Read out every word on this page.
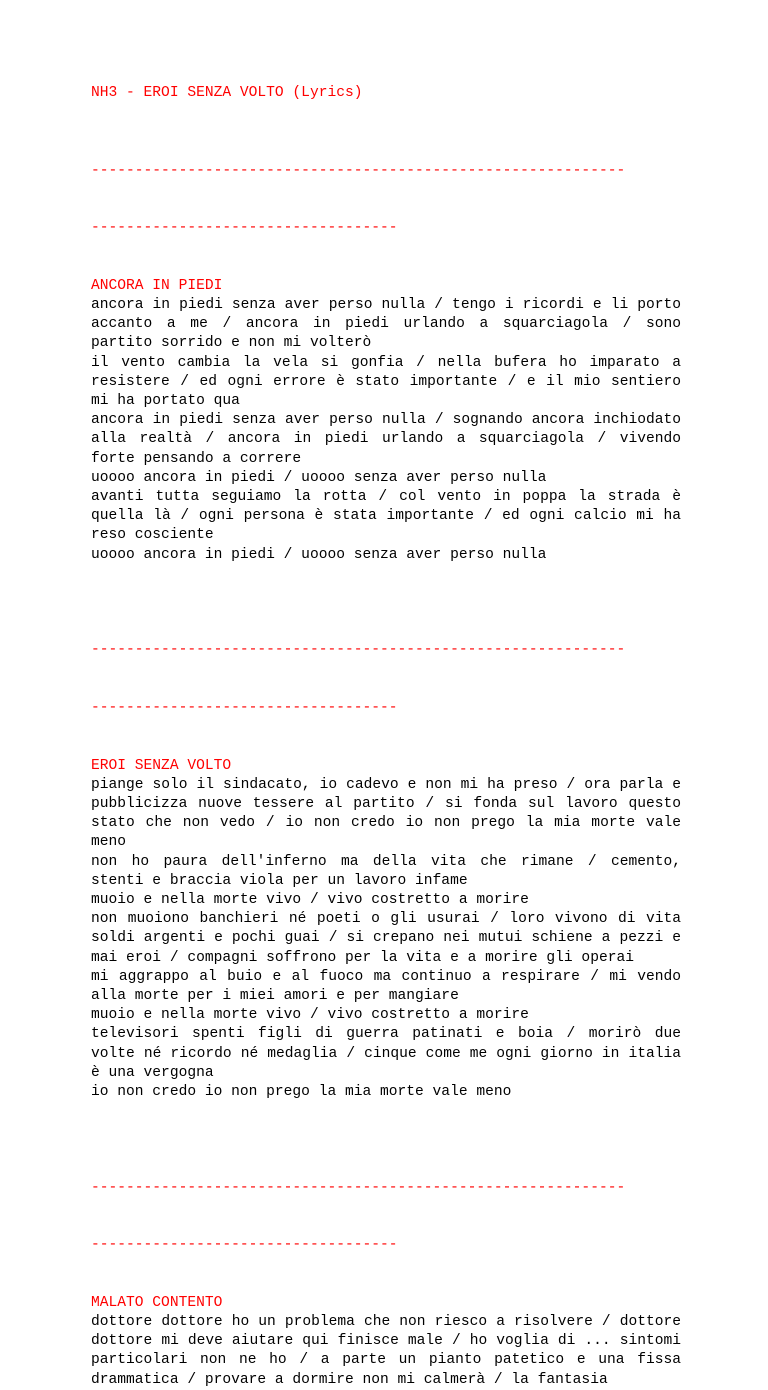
NH3 - EROI SENZA VOLTO (Lyrics)

-------------------------------------------------------------

-----------------------------------

ANCORA IN PIEDI

ancora in piedi senza aver perso nulla / tengo i ricordi e li porto accanto a me / ancora in piedi urlando a squarciagola / sono partito sorrido e non mi volterò

il vento cambia la vela si gonfia / nella bufera ho imparato a resistere / ed ogni errore è stato importante / e il mio sentiero mi ha portato qua

ancora in piedi senza aver perso nulla / sognando ancora inchiodato alla realtà / ancora in piedi urlando a squarciagola / vivendo forte pensando a correre

uoooo ancora in piedi / uoooo senza aver perso nulla

avanti tutta seguiamo la rotta / col vento in poppa la strada è quella là / ogni persona è stata importante / ed ogni calcio mi ha reso cosciente

uoooo ancora in piedi / uoooo senza aver perso nulla

-------------------------------------------------------------

-----------------------------------

EROI SENZA VOLTO

piange solo il sindacato, io cadevo e non mi ha preso / ora parla e pubblicizza nuove tessere al partito / si fonda sul lavoro questo stato che non vedo / io non credo io non prego la mia morte vale meno

non ho paura dell'inferno ma della vita che rimane / cemento, stenti e braccia viola per un lavoro infame

muoio e nella morte vivo / vivo costretto a morire

non muoiono banchieri né poeti o gli usurai / loro vivono di vita soldi argenti e pochi guai / si crepano nei mutui schiene a pezzi e mai eroi / compagni soffrono per la vita e a morire gli operai

mi aggrappo al buio e al fuoco ma continuo a respirare / mi vendo alla morte per i miei amori e per mangiare

muoio e nella morte vivo / vivo costretto a morire

televisori spenti figli di guerra patinati e boia / morirò due volte né ricordo né medaglia / cinque come me ogni giorno in italia è una vergogna

io non credo io non prego la mia morte vale meno

-------------------------------------------------------------

-----------------------------------

MALATO CONTENTO

dottore dottore ho un problema che non riesco a risolvere / dottore dottore mi deve aiutare qui finisce male / ho voglia di ... sintomi particolari non ne ho / a parte un pianto patetico e una fissa drammatica / provare a dormire non mi calmerà / la fantasia
